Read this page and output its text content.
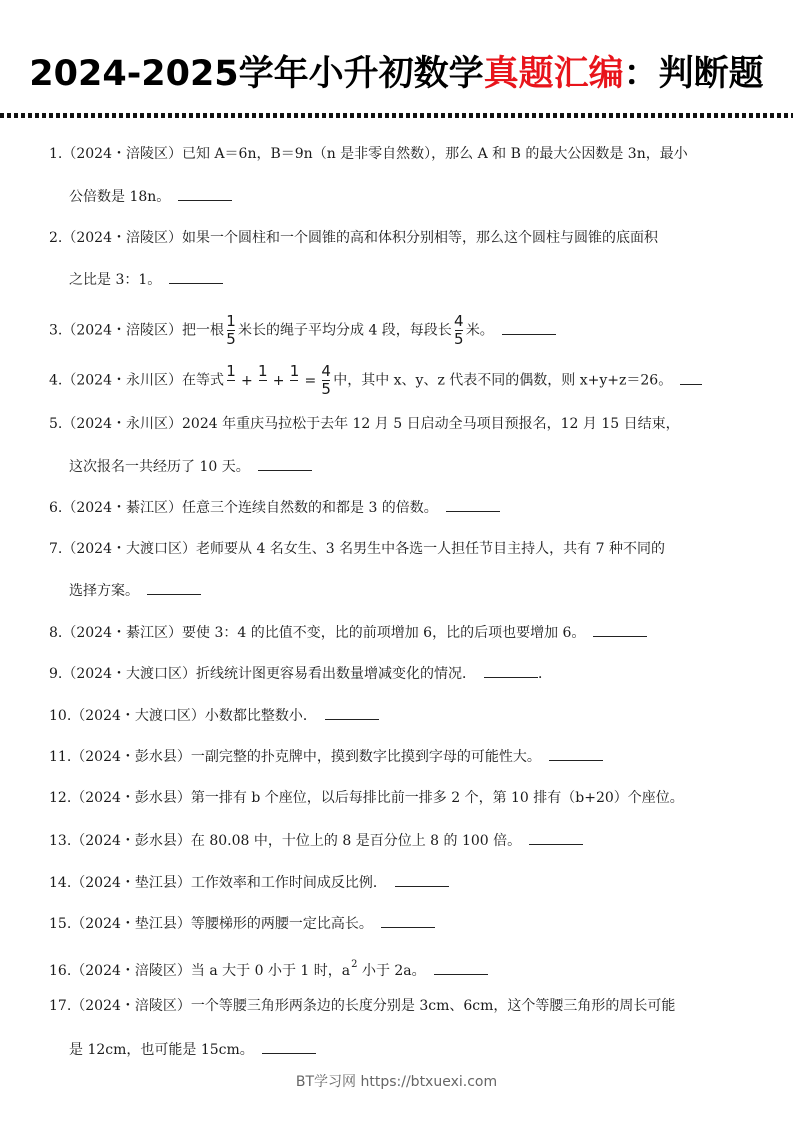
2024-2025学年小升初数学真题汇编：判断题
1.（2024・涪陵区）已知 A＝6n，B＝9n（n 是非零自然数），那么 A 和 B 的最大公因数是 3n，最小
公倍数是 18n。
2.（2024・涪陵区）如果一个圆柱和一个圆锥的高和体积分别相等，那么这个圆柱与圆锥的底面积
之比是 3：1。
3.（2024・涪陵区）把一根 $\frac{1}{5}$ 米长的绳子平均分成 4 段，每段长 $\frac{4}{5}$ 米。
4.（2024・永川区）在等式
1
+
1
+
1
= $\frac{4}{5}$ 中，其中 x、y、z 代表不同的偶数，则 x+y+z＝26。
5.（2024・永川区）2024 年重庆马拉松于去年 12 月 5 日启动全马项目预报名，12 月 15 日结束，
这次报名一共经历了 10 天。
6.（2024・綦江区）任意三个连续自然数的和都是 3 的倍数。
7.（2024・大渡口区）老师要从 4 名女生、3 名男生中各选一人担任节目主持人，共有 7 种不同的
选择方案。
8.（2024・綦江区）要使 3：4 的比值不变，比的前项增加 6，比的后项也要增加 6。
9.（2024・大渡口区）折线统计图更容易看出数量增减变化的情况．	．
10.（2024・大渡口区）小数都比整数小．
11.（2024・彭水县）一副完整的扑克牌中，摸到数字比摸到字母的可能性大。
12.（2024・彭水县）第一排有 b 个座位，以后每排比前一排多 2 个，第 10 排有（b+20）个座位。
13.（2024・彭水县）在 80.08 中，十位上的 8 是百分位上 8 的 100 倍。
14.（2024・垫江县）工作效率和工作时间成反比例．
15.（2024・垫江县）等腰梯形的两腰一定比高长。
16.（2024・涪陵区）当 a 大于 0 小于 1 时，$a^2$ 小于 2a。
17.（2024・涪陵区）一个等腰三角形两条边的长度分别是 3cm、6cm，这个等腰三角形的周长可能
是 12cm，也可能是 15cm。
BT学习网 https://btxuexi.com
